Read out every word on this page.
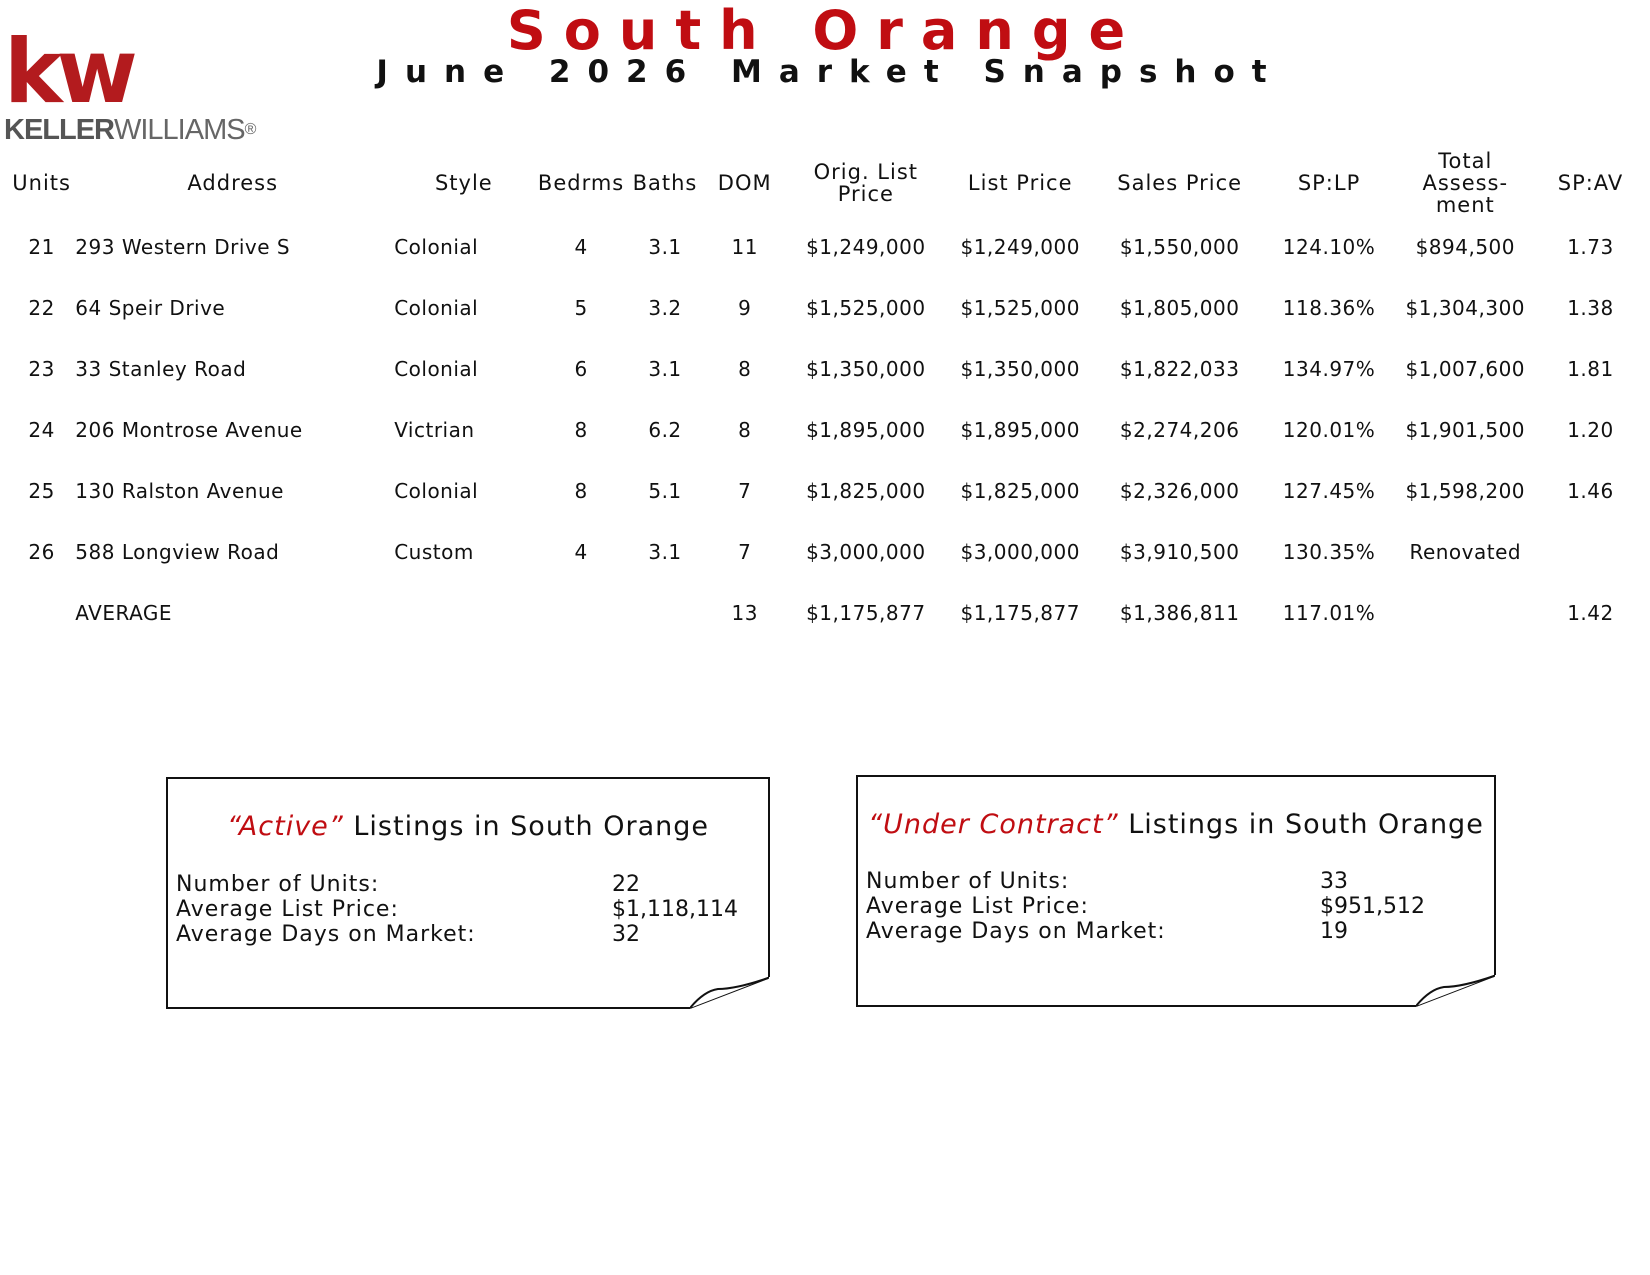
South Orange
June 2026 Market Snapshot
kw
KELLERWILLIAMS®
Units	Address	Style	Bedrms	Baths	DOM	Orig. List Price	List Price	Sales Price	SP:LP	Total Assess-ment	SP:AV
21	293 Western Drive S	Colonial	4	3.1	11	$1,249,000	$1,249,000	$1,550,000	124.10%	$894,500	1.73
22	64 Speir Drive	Colonial	5	3.2	9	$1,525,000	$1,525,000	$1,805,000	118.36%	$1,304,300	1.38
23	33 Stanley Road	Colonial	6	3.1	8	$1,350,000	$1,350,000	$1,822,033	134.97%	$1,007,600	1.81
24	206 Montrose Avenue	Victrian	8	6.2	8	$1,895,000	$1,895,000	$2,274,206	120.01%	$1,901,500	1.20
25	130 Ralston Avenue	Colonial	8	5.1	7	$1,825,000	$1,825,000	$2,326,000	127.45%	$1,598,200	1.46
26	588 Longview Road	Custom	4	3.1	7	$3,000,000	$3,000,000	$3,910,500	130.35%	Renovated	
	AVERAGE				13	$1,175,877	$1,175,877	$1,386,811	117.01%		1.42
“Active” Listings in South Orange
Number of Units:	22
Average List Price:	$1,118,114
Average Days on Market:	32
“Under Contract” Listings in South Orange
Number of Units:	33
Average List Price:	$951,512
Average Days on Market:	19
